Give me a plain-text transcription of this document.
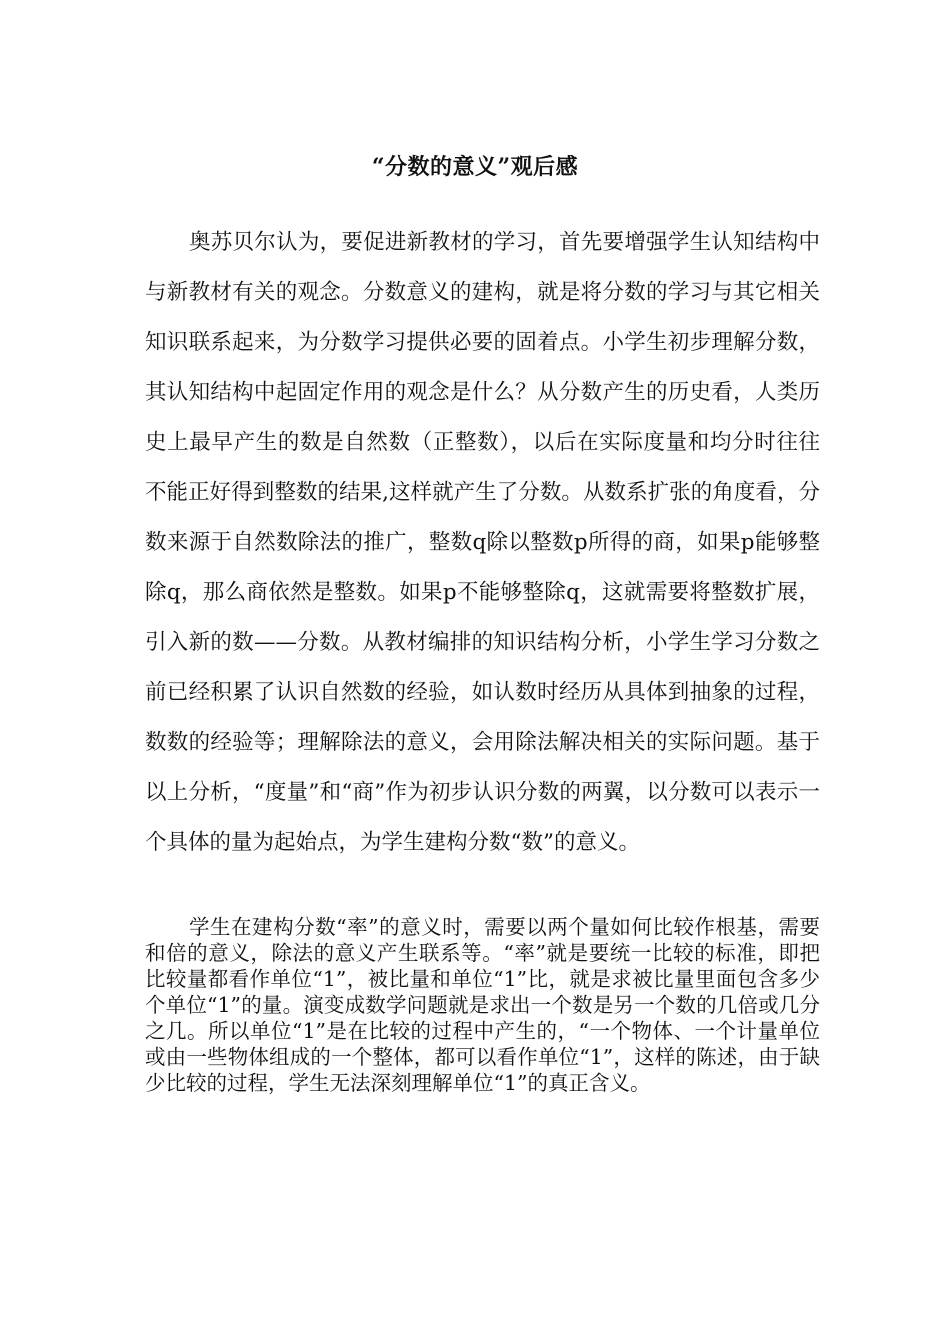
“分数的意义”观后感

奥苏贝尔认为，要促进新教材的学习，首先要增强学生认知结构中与新教材有关的观念。分数意义的建构，就是将分数的学习与其它相关知识联系起来，为分数学习提供必要的固着点。小学生初步理解分数，其认知结构中起固定作用的观念是什么？从分数产生的历史看，人类历史上最早产生的数是自然数（正整数），以后在实际度量和均分时往往不能正好得到整数的结果,这样就产生了分数。从数系扩张的角度看，分数来源于自然数除法的推广，整数q除以整数p所得的商，如果p能够整除q，那么商依然是整数。如果p不能够整除q，这就需要将整数扩展，引入新的数——分数。从教材编排的知识结构分析，小学生学习分数之前已经积累了认识自然数的经验，如认数时经历从具体到抽象的过程，数数的经验等；理解除法的意义，会用除法解决相关的实际问题。基于以上分析，“度量”和“商”作为初步认识分数的两翼，以分数可以表示一个具体的量为起始点，为学生建构分数“数”的意义。

学生在建构分数“率”的意义时，需要以两个量如何比较作根基，需要和倍的意义，除法的意义产生联系等。“率”就是要统一比较的标准，即把比较量都看作单位“1”，被比量和单位“1”比，就是求被比量里面包含多少个单位“1”的量。演变成数学问题就是求出一个数是另一个数的几倍或几分之几。所以单位“1”是在比较的过程中产生的，“一个物体、一个计量单位或由一些物体组成的一个整体，都可以看作单位“1”，这样的陈述，由于缺少比较的过程，学生无法深刻理解单位“1”的真正含义。
